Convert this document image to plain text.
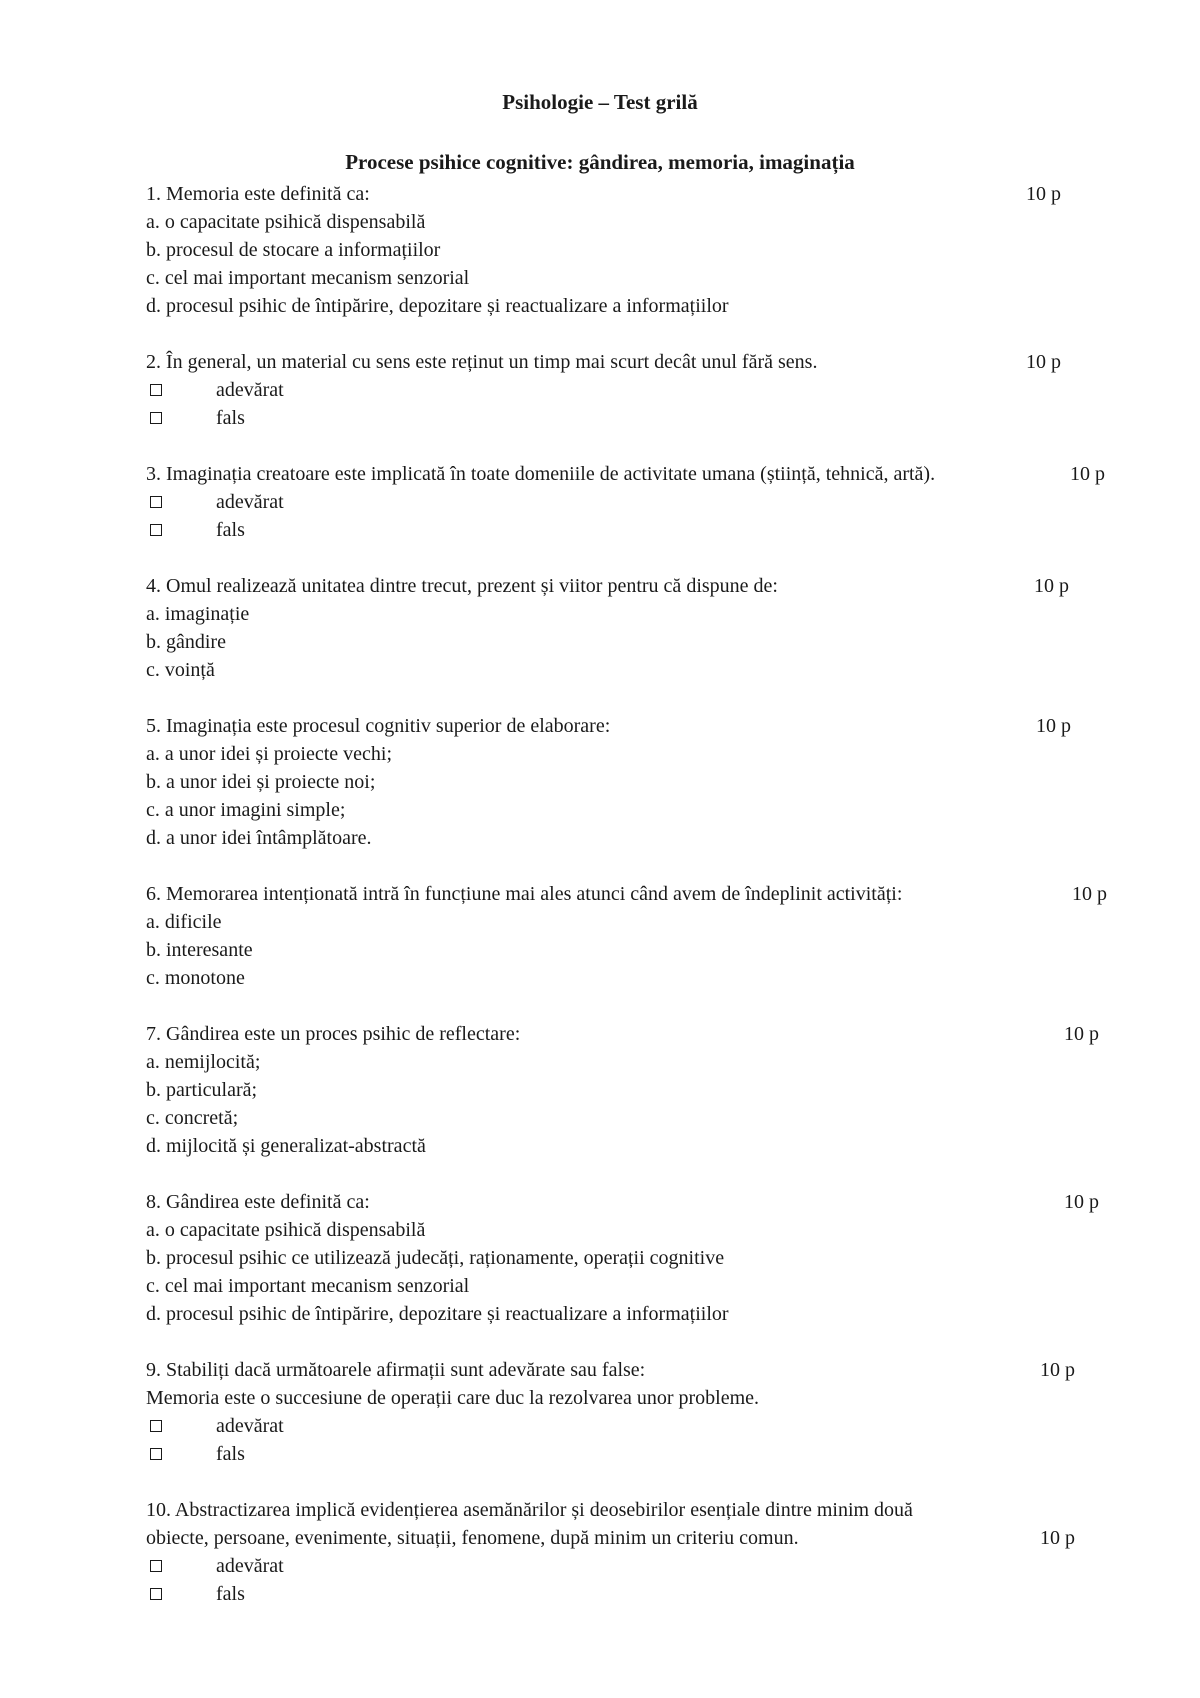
Psihologie – Test grilă
Procese psihice cognitive: gândirea, memoria, imaginația
1. Memoria este definită ca:	10 p
a. o capacitate psihică dispensabilă
b. procesul de stocare a informațiilor
c. cel mai important mecanism senzorial
d. procesul psihic de întipărire, depozitare și reactualizare a informațiilor
2. În general, un material cu sens este reținut un timp mai scurt decât unul fără sens.	10 p
adevărat
fals
3. Imaginația creatoare este implicată în toate domeniile de activitate umana (știință, tehnică, artă).	10 p
adevărat
fals
4. Omul realizează unitatea dintre trecut, prezent și viitor pentru că dispune de:	10 p
a. imaginație
b. gândire
c. voință
5. Imaginația este procesul cognitiv superior de elaborare:	10 p
a. a unor idei și proiecte vechi;
b. a unor idei și proiecte noi;
c. a unor imagini simple;
d. a unor idei întâmplătoare.
6. Memorarea intenționată intră în funcțiune mai ales atunci când avem de îndeplinit activități:	10 p
a. dificile
b. interesante
c. monotone
7. Gândirea este un proces psihic de reflectare:	10 p
a. nemijlocită;
b. particulară;
c. concretă;
d. mijlocită și generalizat-abstractă
8. Gândirea este definită ca:	10 p
a. o capacitate psihică dispensabilă
b. procesul psihic ce utilizează judecăți, raționamente, operații cognitive
c. cel mai important mecanism senzorial
d. procesul psihic de întipărire, depozitare și reactualizare a informațiilor
9. Stabiliți dacă următoarele afirmații sunt adevărate sau false:	10 p
Memoria este o succesiune de operații care duc la rezolvarea unor probleme.
adevărat
fals
10. Abstractizarea implică evidențierea asemănărilor și deosebirilor esențiale dintre minim două
obiecte, persoane, evenimente, situații, fenomene, după minim un criteriu comun.	10 p
adevărat
fals
